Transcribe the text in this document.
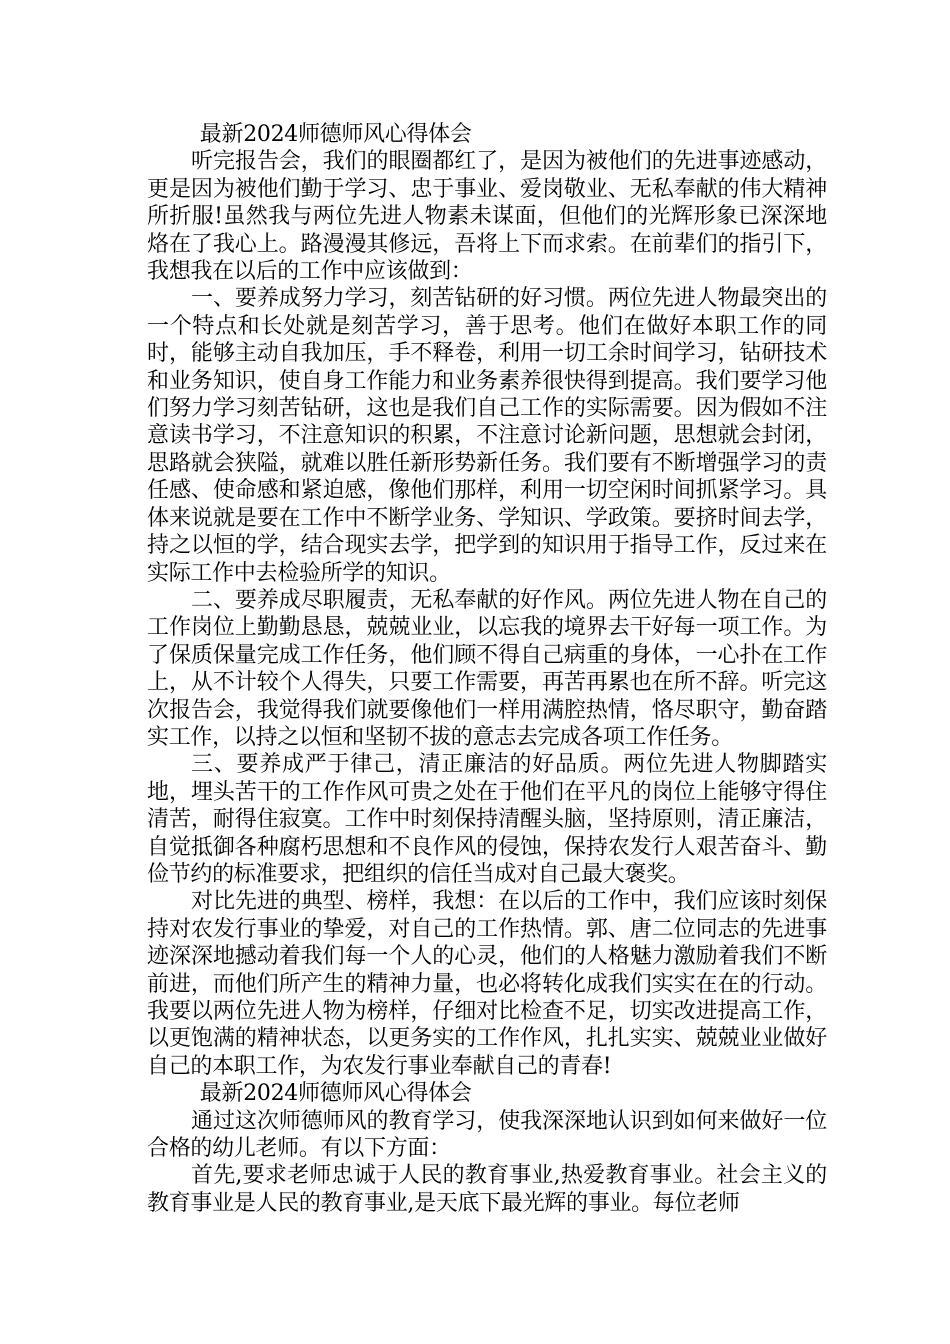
最新2024师德师风心得体会

听完报告会，我们的眼圈都红了，是因为被他们的先进事迹感动，更是因为被他们勤于学习、忠于事业、爱岗敬业、无私奉献的伟大精神所折服!虽然我与两位先进人物素未谋面，但他们的光辉形象已深深地烙在了我心上。路漫漫其修远，吾将上下而求索。在前辈们的指引下，我想我在以后的工作中应该做到：

一、要养成努力学习，刻苦钻研的好习惯。两位先进人物最突出的一个特点和长处就是刻苦学习，善于思考。他们在做好本职工作的同时，能够主动自我加压，手不释卷，利用一切工余时间学习，钻研技术和业务知识，使自身工作能力和业务素养很快得到提高。我们要学习他们努力学习刻苦钻研，这也是我们自己工作的实际需要。因为假如不注意读书学习，不注意知识的积累，不注意讨论新问题，思想就会封闭，思路就会狭隘，就难以胜任新形势新任务。我们要有不断增强学习的责任感、使命感和紧迫感，像他们那样，利用一切空闲时间抓紧学习。具体来说就是要在工作中不断学业务、学知识、学政策。要挤时间去学，持之以恒的学，结合现实去学，把学到的知识用于指导工作，反过来在实际工作中去检验所学的知识。

二、要养成尽职履责，无私奉献的好作风。两位先进人物在自己的工作岗位上勤勤恳恳，兢兢业业，以忘我的境界去干好每一项工作。为了保质保量完成工作任务，他们顾不得自己病重的身体，一心扑在工作上，从不计较个人得失，只要工作需要，再苦再累也在所不辞。听完这次报告会，我觉得我们就要像他们一样用满腔热情，恪尽职守，勤奋踏实工作，以持之以恒和坚韧不拔的意志去完成各项工作任务。

三、要养成严于律己，清正廉洁的好品质。两位先进人物脚踏实地，埋头苦干的工作作风可贵之处在于他们在平凡的岗位上能够守得住清苦，耐得住寂寞。工作中时刻保持清醒头脑，坚持原则，清正廉洁，自觉抵御各种腐朽思想和不良作风的侵蚀，保持农发行人艰苦奋斗、勤俭节约的标准要求，把组织的信任当成对自己最大褒奖。

对比先进的典型、榜样，我想：在以后的工作中，我们应该时刻保持对农发行事业的挚爱，对自己的工作热情。郭、唐二位同志的先进事迹深深地撼动着我们每一个人的心灵，他们的人格魅力激励着我们不断前进，而他们所产生的精神力量，也必将转化成我们实实在在的行动。我要以两位先进人物为榜样，仔细对比检查不足，切实改进提高工作，以更饱满的精神状态，以更务实的工作作风，扎扎实实、兢兢业业做好自己的本职工作，为农发行事业奉献自己的青春!

最新2024师德师风心得体会

通过这次师德师风的教育学习，使我深深地认识到如何来做好一位合格的幼儿老师。有以下方面：

首先,要求老师忠诚于人民的教育事业,热爱教育事业。社会主义的教育事业是人民的教育事业,是天底下最光辉的事业。每位老师
